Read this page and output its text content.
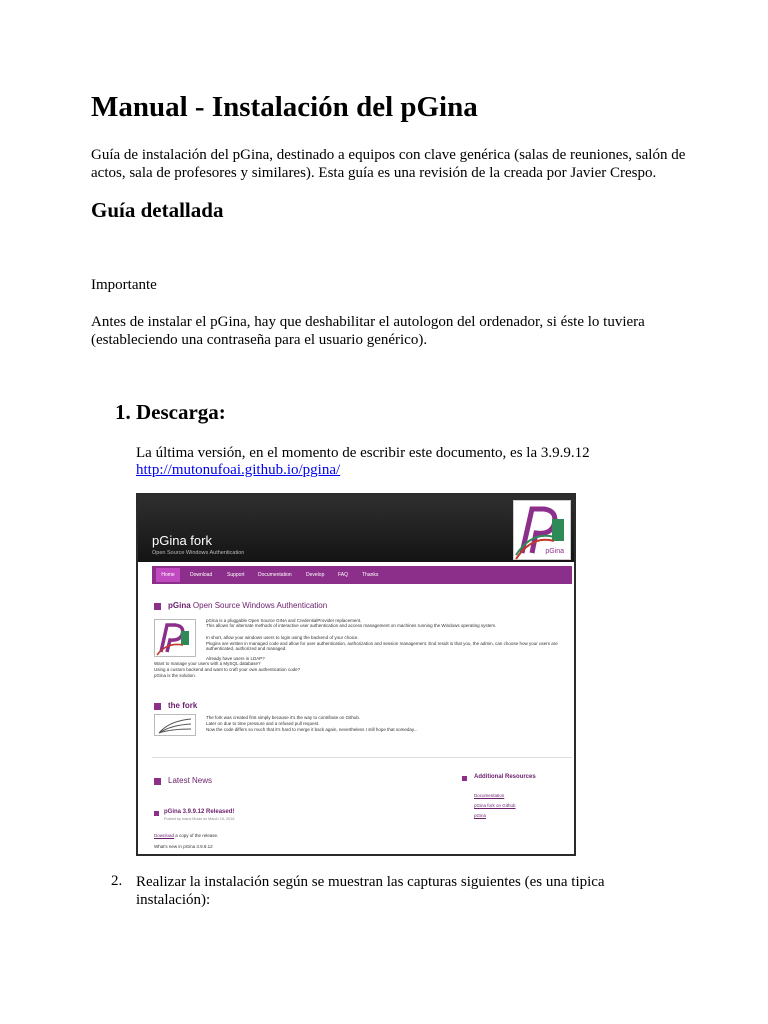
Manual - Instalación del pGina
Guía de instalación del pGina, destinado a equipos con clave genérica (salas de reuniones, salón de actos, sala de profesores y similares). Esta guía es una revisión de la creada por Javier Crespo.
Guía detallada
Importante
Antes de instalar el pGina, hay que deshabilitar el autologon del ordenador, si éste lo tuviera (estableciendo una contraseña para el usuario genérico).
1. Descarga:
La última versión, en el momento de escribir este documento, es la 3.9.9.12
http://mutonufoai.github.io/pgina/
pGina fork
Open Source Windows Authentication	pGina
Home	Download	Support	Documentation	Develop	FAQ	Thanks
pGina Open Source Windows Authentication
pGina is a pluggable Open Source GINA and CredentialProvider replacement.
This allows for alternate methods of interactive user authentication and access management on machines running the Windows operating system.
In short, allow your windows users to login using the backend of your choice.
Plugins are written in managed code and allow for user authentication, authorization and session management. End result is that you, the admin, can choose how your users are authenticated, authorized and managed.
Already have users in LDAP?
Want to manage your users with a MySQL database?
Using a custom backend and want to craft your own authentication code?
pGina is the solution.
the fork
The fork was created first simply because it's the way to contribute on Github.
Later on due to time pressure and a refused pull request.
Now the code differs so much that it's hard to merge it back again, nevertheless I still hope that someday...
Latest News
pGina 3.9.9.12 Released!
Posted by mans Mudd on March 15, 2016
Download a copy of the release.
What's new in pGina 3.9.9.12
Additional Resources
Documentation
pGina fork on Github
pGina
2. Realizar la instalación según se muestran las capturas siguientes (es una tipica instalación):
